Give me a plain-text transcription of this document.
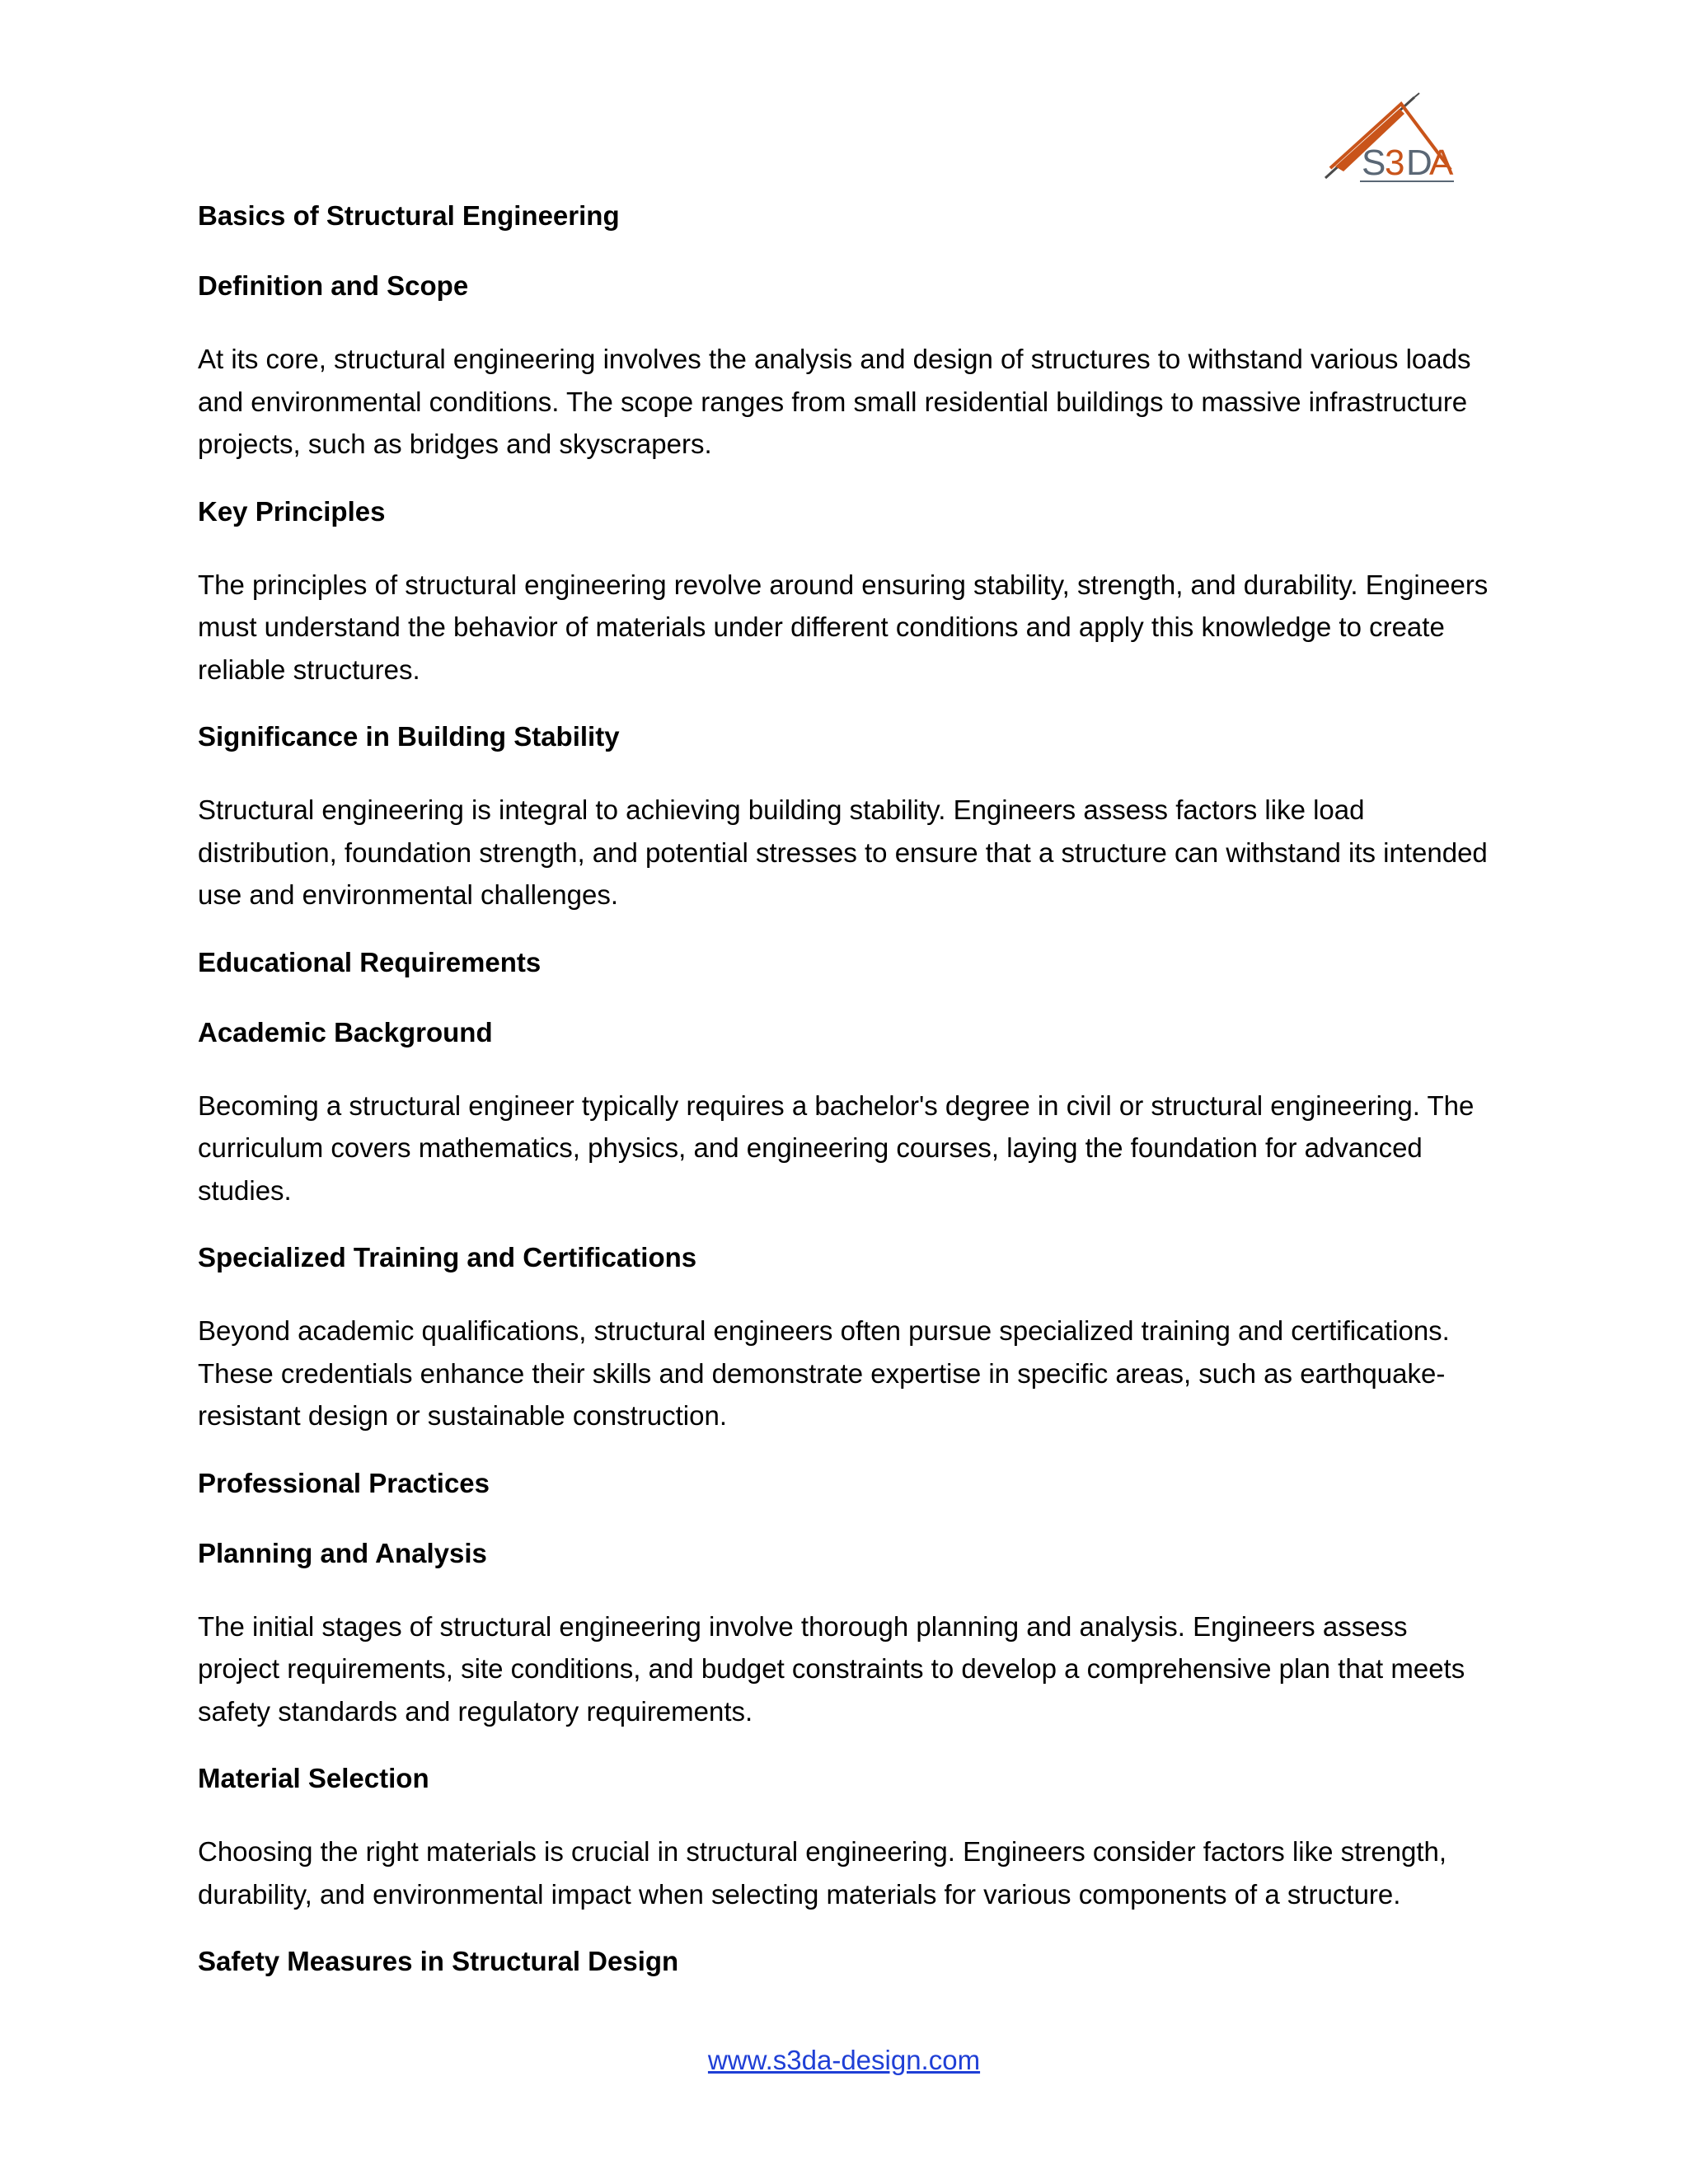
S
3 D
A
Basics of Structural Engineering
Definition and Scope

At its core, structural engineering involves the analysis and design of structures to withstand various loads and environmental conditions. The scope ranges from small residential buildings to massive infrastructure projects, such as bridges and skyscrapers.

Key Principles

The principles of structural engineering revolve around ensuring stability, strength, and durability. Engineers must understand the behavior of materials under different conditions and apply this knowledge to create reliable structures.

Significance in Building Stability

Structural engineering is integral to achieving building stability. Engineers assess factors like load distribution, foundation strength, and potential stresses to ensure that a structure can withstand its intended use and environmental challenges.

Educational Requirements
Academic Background

Becoming a structural engineer typically requires a bachelor's degree in civil or structural engineering. The curriculum covers mathematics, physics, and engineering courses, laying the foundation for advanced studies.

Specialized Training and Certifications

Beyond academic qualifications, structural engineers often pursue specialized training and certifications. These credentials enhance their skills and demonstrate expertise in specific areas, such as earthquake-resistant design or sustainable construction.

Professional Practices
Planning and Analysis

The initial stages of structural engineering involve thorough planning and analysis. Engineers assess project requirements, site conditions, and budget constraints to develop a comprehensive plan that meets safety standards and regulatory requirements.

Material Selection

Choosing the right materials is crucial in structural engineering. Engineers consider factors like strength, durability, and environmental impact when selecting materials for various components of a structure.

Safety Measures in Structural Design
www.s3da-design.com
